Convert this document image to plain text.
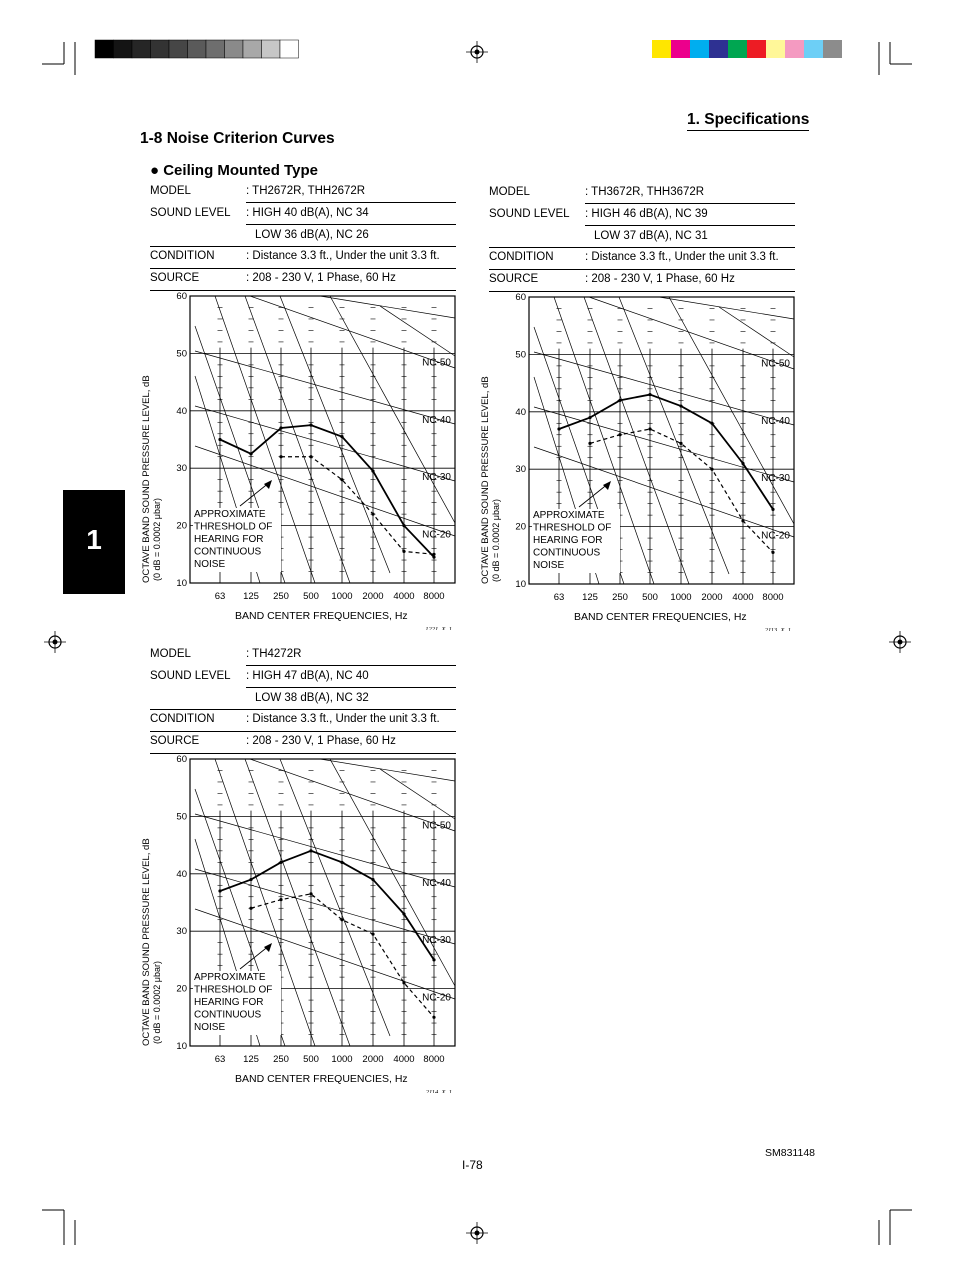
1. Specifications
1-8 Noise Criterion Curves
● Ceiling Mounted Type
1
MODEL	: TH2672R, THH2672R
SOUND LEVEL : HIGH 40 dB(A), NC 34
LOW 36 dB(A), NC 26
CONDITION	: Distance 3.3 ft., Under the unit 3.3 ft.
SOURCE	: 208 - 230 V, 1 Phase, 60 Hz
10
20
30
40
50
60
63 125 250 500 1000 2000 4000 8000
NC-50
NC-40
NC-30
NC-20
APPROXIMATE
THRESHOLD OF
HEARING FOR
CONTINUOUS
NOISE
OCTAVE BAND SOUND PRESSURE LEVEL, dB (0 dB = 0.0002 μbar)
BAND CENTER FREQUENCIES, Hz
1221_X_1
MODEL	: TH3672R, THH3672R
SOUND LEVEL : HIGH 46 dB(A), NC 39
LOW 37 dB(A), NC 31
CONDITION	: Distance 3.3 ft., Under the unit 3.3 ft.
SOURCE	: 208 - 230 V, 1 Phase, 60 Hz
10
20
30
40
50
60
63 125 250 500 1000 2000 4000 8000
NC-50
NC-40
NC-30
NC-20
APPROXIMATE
THRESHOLD OF
HEARING FOR
CONTINUOUS
NOISE
OCTAVE BAND SOUND PRESSURE LEVEL, dB (0 dB = 0.0002 μbar)
BAND CENTER FREQUENCIES, Hz
2113_X_1
MODEL	: TH4272R
SOUND LEVEL : HIGH 47 dB(A), NC 40
LOW 38 dB(A), NC 32
CONDITION	: Distance 3.3 ft., Under the unit 3.3 ft.
SOURCE	: 208 - 230 V, 1 Phase, 60 Hz
10
20
30
40
50
60
63 125 250 500 1000 2000 4000 8000
NC-50
NC-40
NC-30
NC-20
APPROXIMATE
THRESHOLD OF
HEARING FOR
CONTINUOUS
NOISE
OCTAVE BAND SOUND PRESSURE LEVEL, dB (0 dB = 0.0002 μbar)
BAND CENTER FREQUENCIES, Hz
2114_X_1
I-78
SM831148
